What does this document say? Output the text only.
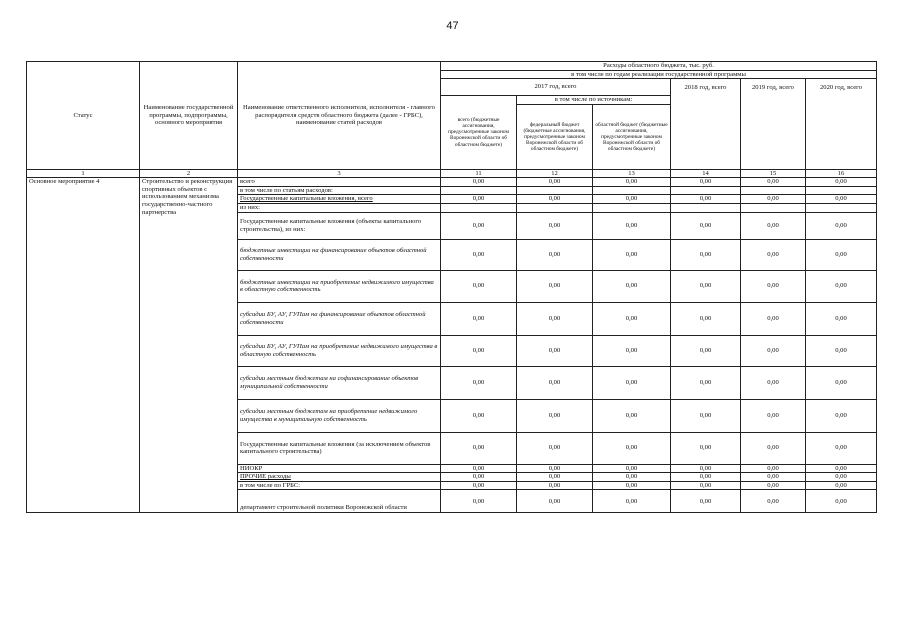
47
Статус	Наименование государственной программы, подпрограммы, основного мероприятия	Наименование ответственного исполнителя, исполнителя - главного распорядителя средств областного бюджета (далее - ГРБС), наименование статей расходов	Расходы областного бюджета, тыс. руб.					
			в том числе по годам реализации государственной программы					
			2017 год, всего			2018 год, всего	2019 год, всего	2020 год, всего
			всего (бюджетные ассигнования, предусмотренные законом Воронежской области об областном бюджете)	в том числе по источникам:				
				федеральный бюджет (бюджетные ассигнования, предусмотренные законом Воронежской области об областном бюджете)	областной бюджет (бюджетные ассигнования, предусмотренные законом Воронежской области об областном бюджете)			
1	2	3	11	12	13	14	15	16
Основное мероприятие 4	Строительство и реконструкция спортивных объектов с использованием механизма государственно-частного партнерства	всего	0,00	0,00	0,00	0,00	0,00	0,00
		в том числе по статьям расходов:						
		Государственные капитальные вложения, всего	0,00	0,00	0,00	0,00	0,00	0,00
		из них:						
		Государственные капитальные вложения (объекты капитального строительства), из них:	0,00	0,00	0,00	0,00	0,00	0,00
		бюджетные инвестиции на финансирование объектов областной собственности	0,00	0,00	0,00	0,00	0,00	0,00
		бюджетные инвестиции на приобретение недвижимого имущества в областную собственность	0,00	0,00	0,00	0,00	0,00	0,00
		субсидии БУ, АУ, ГУПам на финансирование объектов областной собственности	0,00	0,00	0,00	0,00	0,00	0,00
		субсидии БУ, АУ, ГУПам на приобретение недвижимого имущества в областную собственность	0,00	0,00	0,00	0,00	0,00	0,00
		субсидии местным бюджетам на софинансирование объектов муниципальной собственности	0,00	0,00	0,00	0,00	0,00	0,00
		субсидии местным бюджетам на приобретение недвижимого имущества в муниципальную собственность	0,00	0,00	0,00	0,00	0,00	0,00
		Государственные капитальные вложения (за исключением объектов капитального строительства)	0,00	0,00	0,00	0,00	0,00	0,00
		НИОКР	0,00	0,00	0,00	0,00	0,00	0,00
		ПРОЧИЕ расходы	0,00	0,00	0,00	0,00	0,00	0,00
		в том числе по ГРБС:	0,00	0,00	0,00	0,00	0,00	0,00
		департамент строительной политики Воронежской области	0,00	0,00	0,00	0,00	0,00	0,00
